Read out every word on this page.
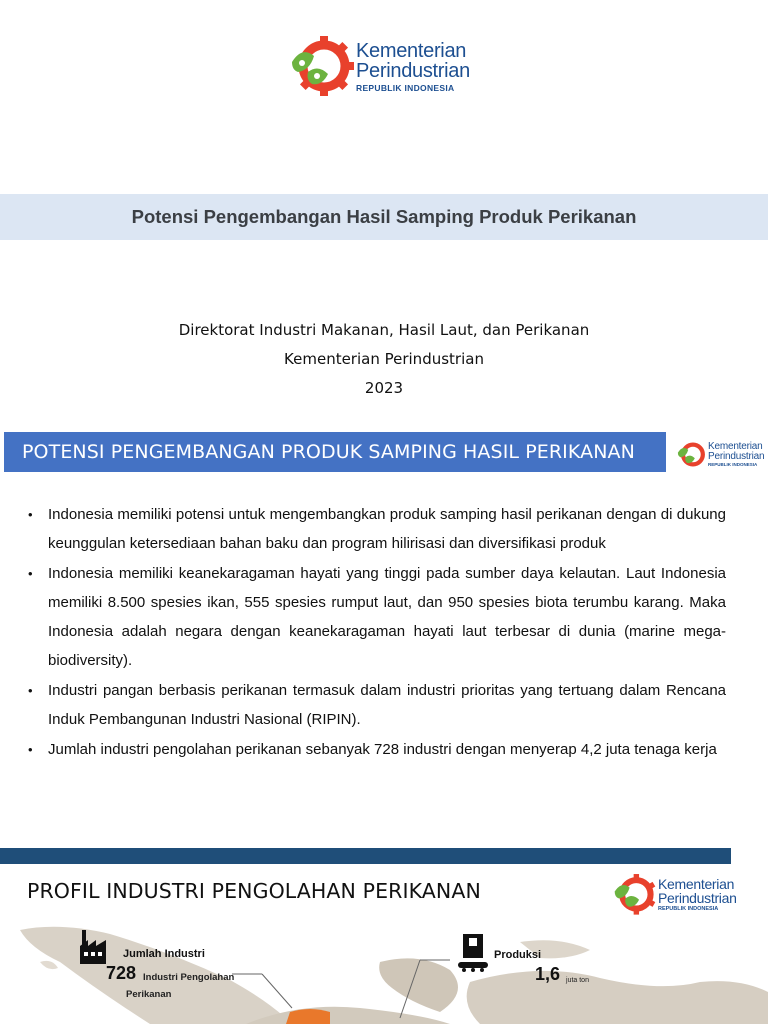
Kementerian
Perindustrian
REPUBLIK INDONESIA
Potensi Pengembangan Hasil Samping Produk Perikanan
Direktorat Industri Makanan, Hasil Laut, dan Perikanan
Kementerian Perindustrian
2023
POTENSI PENGEMBANGAN PRODUK SAMPING HASIL PERIKANAN	Kementerian
Perindustrian
REPUBLIK INDONESIA
• Indonesia memiliki potensi untuk mengembangkan produk samping hasil perikanan dengan di dukung keunggulan ketersediaan bahan baku dan program hilirisasi dan diversifikasi produk
• Indonesia memiliki keanekaragaman hayati yang tinggi pada sumber daya kelautan. Laut Indonesia memiliki 8.500 spesies ikan, 555 spesies rumput laut, dan 950 spesies biota terumbu karang. Maka Indonesia adalah negara dengan keanekaragaman hayati laut terbesar di dunia (marine mega-biodiversity).
• Industri pangan berbasis perikanan termasuk dalam industri prioritas yang tertuang dalam Rencana Induk Pembangunan Industri Nasional (RIPIN).
• Jumlah industri pengolahan perikanan sebanyak 728 industri dengan menyerap 4,2 juta tenaga kerja
PROFIL INDUSTRI PENGOLAHAN PERIKANAN	Kementerian
Perindustrian
REPUBLIK INDONESIA
Jumlah Industri
728 Industri Pengolahan
Perikanan
Produksi
1,6 juta ton
